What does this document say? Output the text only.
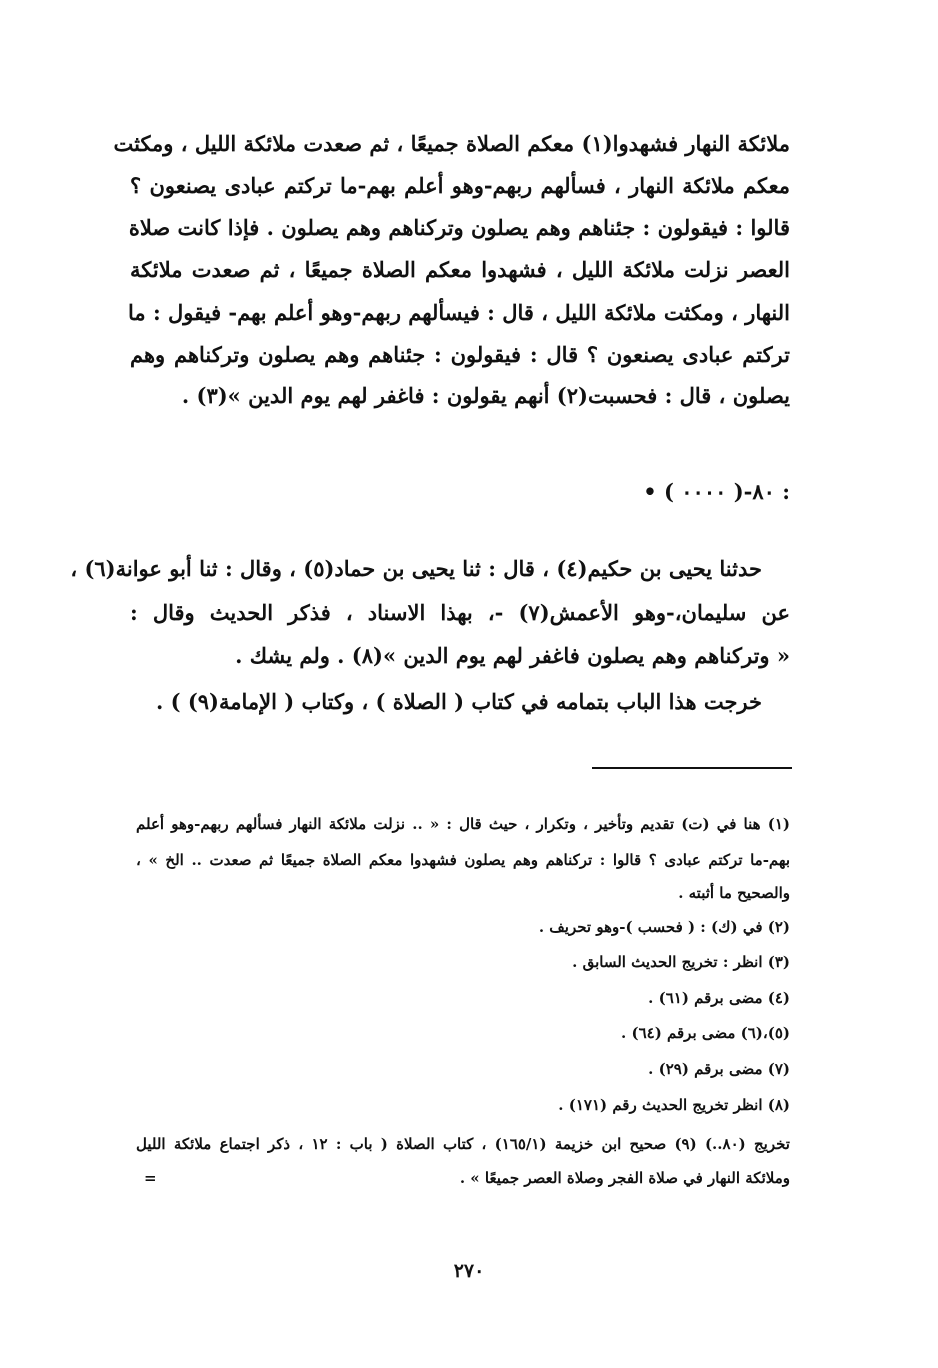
ملائكة النهار فشهدوا(١) معكم الصلاة جميعًا ، ثم صعدت ملائكة الليل ، ومكثت
معكم ملائكة النهار ، فسألهم ربهم-وهو أعلم بهم-ما تركتم عبادى يصنعون ؟
قالوا : فيقولون : جئناهم وهم يصلون وتركناهم وهم يصلون . فإذا كانت صلاة
العصر نزلت ملائكة الليل ، فشهدوا معكم الصلاة جميعًا ، ثم صعدت ملائكة
النهار ، ومكثت ملائكة الليل ، قال : فيسألهم ربهم-وهو أعلم بهم- فيقول : ما
تركتم عبادى يصنعون ؟ قال : فيقولون : جئناهم وهم يصلون وتركناهم وهم
يصلون ، قال : فحسبت(٢) أنهم يقولون : فاغفر لهم يوم الدين »(٣) .
• ٨٠-( ٠٠٠٠ ) :
حدثنا يحيى بن حكيم(٤) ، قال : ثنا يحيى بن حماد(٥) ، وقال : ثنا أبو عوانة(٦) ،
عن سليمان،-وهو الأعمش(٧) -، بهذا الاسناد ، فذكر الحديث وقال :
« وتركناهم وهم يصلون فاغفر لهم يوم الدين »(٨) . ولم يشك .
خرجت هذا الباب بتمامه في كتاب ( الصلاة ) ، وكتاب ( الإمامة(٩) ) .
(١) هنا في (ت) تقديم وتأخير ، وتكرار ، حيث قال : « .. نزلت ملائكة النهار فسألهم ربهم-وهو أعلم
بهم-ما تركتم عبادى ؟ قالوا : تركناهم وهم يصلون فشهدوا معكم الصلاة جميعًا ثم صعدت .. الخ » ،
والصحيح ما أثبته .
(٢) في (ك) : ( فحسب )-وهو تحريف .
(٣) انظر : تخريج الحديث السابق .
(٤) مضى برقم (٦١) .
(٥)،(٦) مضى برقم (٦٤) .
(٧) مضى برقم (٢٩) .
(٨) انظر تخريج الحديث رقم (١٧١) .
تخريج (٨٠..) (٩) صحيح ابن خزيمة (١٦٥/١) ، كتاب الصلاة ( باب : ١٢ ، ذكر اجتماع ملائكة الليل
وملائكة النهار في صلاة الفجر وصلاة العصر جميعًا » .
=
٢٧٠
